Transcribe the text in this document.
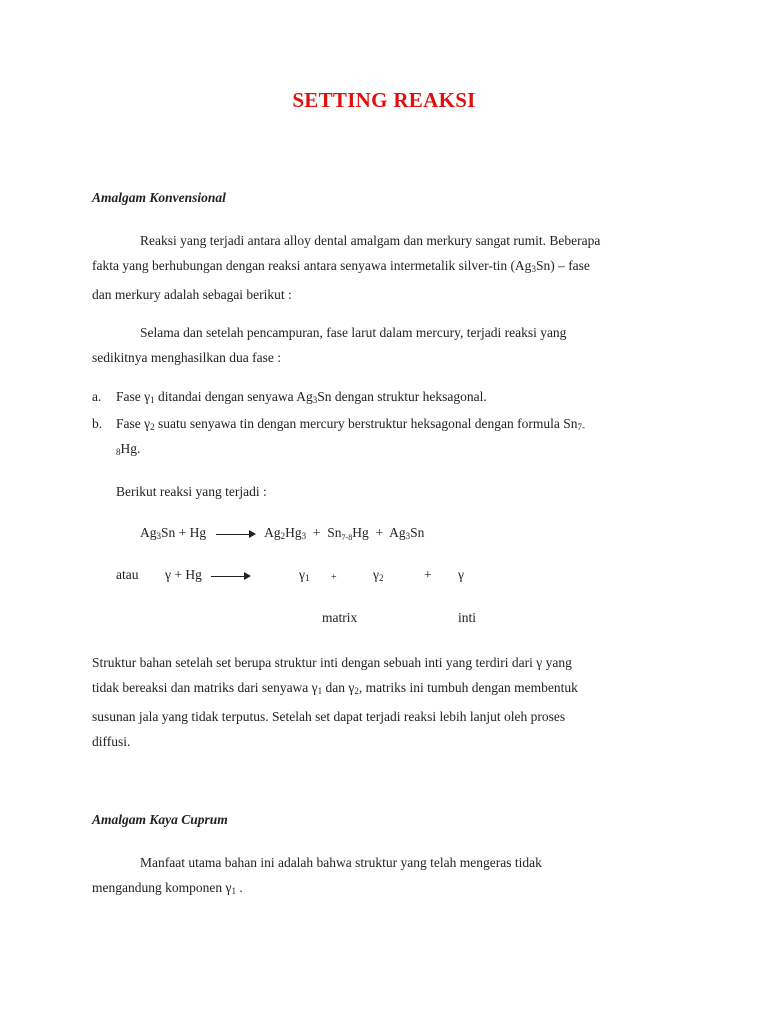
SETTING REAKSI
Amalgam Konvensional
Reaksi yang terjadi antara alloy dental amalgam dan merkury sangat rumit. Beberapa
fakta yang berhubungan dengan reaksi antara senyawa intermetalik silver-tin $(Ag_3Sn)$ – fase
dan merkury adalah sebagai berikut :
Selama dan setelah pencampuran, fase larut dalam mercury, terjadi reaksi yang
sedikitnya menghasilkan dua fase :
a. Fase $\gamma_1$ ditandai dengan senyawa $Ag_3Sn$ dengan struktur heksagonal.
b. Fase $\gamma_2$ suatu senyawa tin dengan mercury berstruktur heksagonal dengan formula $Sn_{7-}$
$_8$Hg.
Berikut reaksi yang terjadi :
$Ag_3Sn + Hg$	$Ag_2Hg_3 + Sn_{7-8}Hg + Ag_3Sn$
atau γ + Hg	$\gamma_1$ +	$\gamma_2$	+ γ
matrix	inti
Struktur bahan setelah set berupa struktur inti dengan sebuah inti yang terdiri dari γ yang
tidak bereaksi dan matriks dari senyawa $\gamma_1$ dan $\gamma_2$, matriks ini tumbuh dengan membentuk
susunan jala yang tidak terputus. Setelah set dapat terjadi reaksi lebih lanjut oleh proses
diffusi.
Amalgam Kaya Cuprum
Manfaat utama bahan ini adalah bahwa struktur yang telah mengeras tidak
mengandung komponen $\gamma_1$ .
